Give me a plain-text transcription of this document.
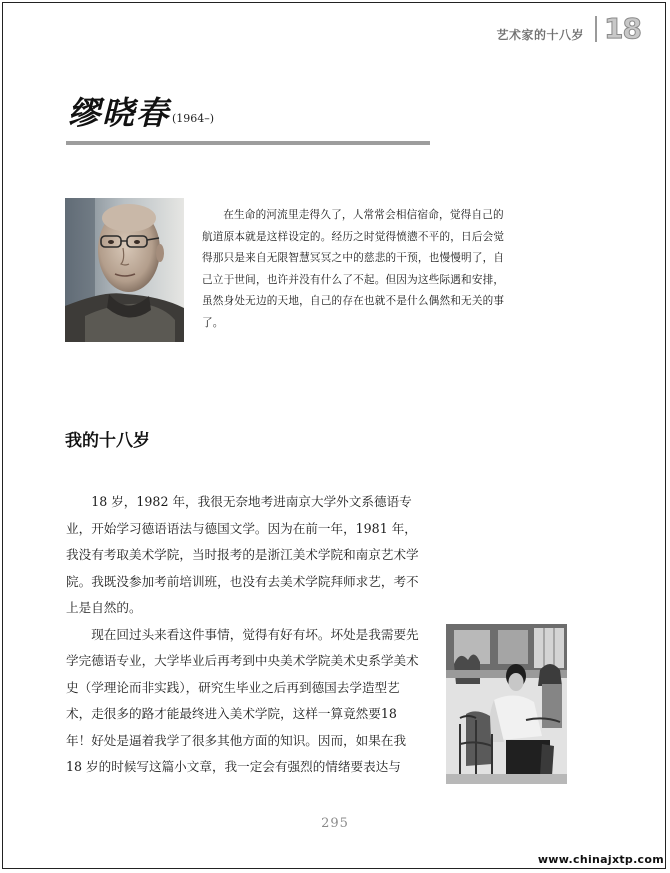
艺术家的十八岁 18
缪晓春 (1964–)
在生命的河流里走得久了，人常常会相信宿命，觉得自己的航道原本就是这样设定的。经历之时觉得愤懑不平的，日后会觉得那只是来自无限智慧冥冥之中的慈悲的干预，也慢慢明了，自己立于世间，也许并没有什么了不起。但因为这些际遇和安排，虽然身处无边的天地，自己的存在也就不是什么偶然和无关的事了。
我的十八岁

18 岁，1982 年，我很无奈地考进南京大学外文系德语专业，开始学习德语语法与德国文学。因为在前一年，1981 年，我没有考取美术学院，当时报考的是浙江美术学院和南京艺术学院。我既没参加考前培训班，也没有去美术学院拜师求艺，考不上是自然的。

现在回过头来看这件事情，觉得有好有坏。坏处是我需要先学完德语专业，大学毕业后再考到中央美术学院美术史系学美术史（学理论而非实践），研究生毕业之后再到德国去学造型艺术，走很多的路才能最终进入美术学院，这样一算竟然要18年！好处是逼着我学了很多其他方面的知识。因而，如果在我 18 岁的时候写这篇小文章，我一定会有强烈的情绪要表达与

295
www.chinajxtp.com
